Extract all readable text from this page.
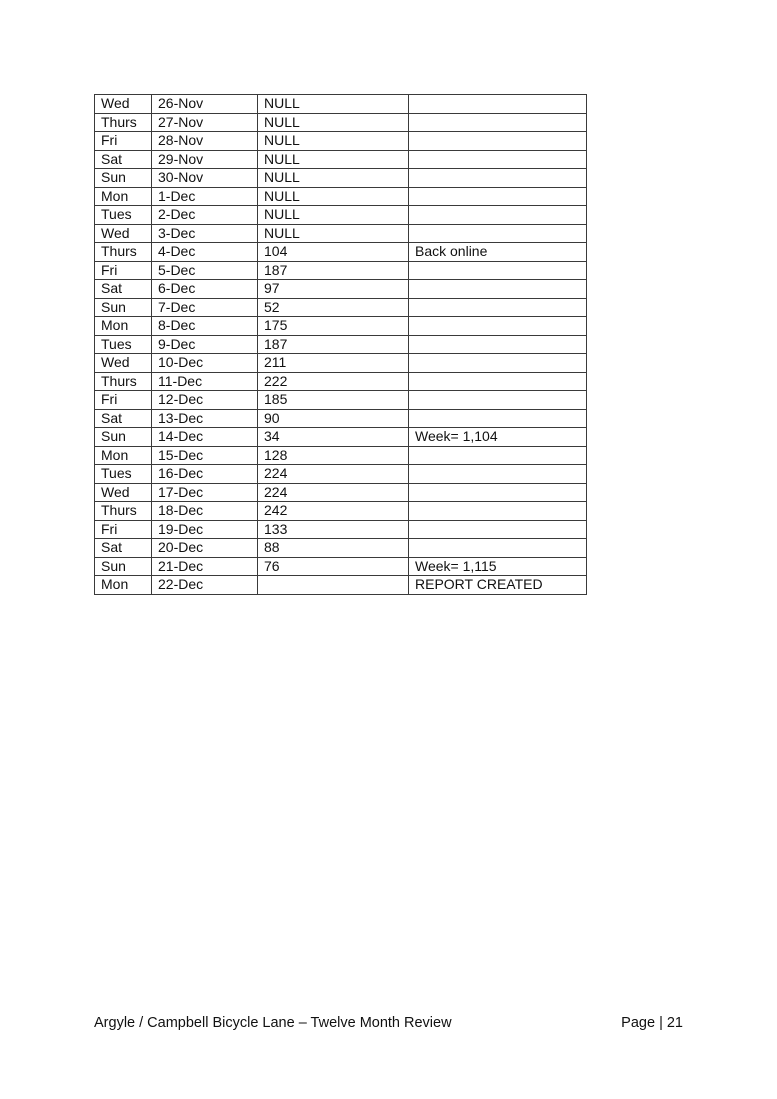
Wed	26-Nov	NULL	
Thurs	27-Nov	NULL	
Fri	28-Nov	NULL	
Sat	29-Nov	NULL	
Sun	30-Nov	NULL	
Mon	1-Dec	NULL	
Tues	2-Dec	NULL	
Wed	3-Dec	NULL	
Thurs	4-Dec	104	Back online
Fri	5-Dec	187	
Sat	6-Dec	97	
Sun	7-Dec	52	
Mon	8-Dec	175	
Tues	9-Dec	187	
Wed	10-Dec	211	
Thurs	11-Dec	222	
Fri	12-Dec	185	
Sat	13-Dec	90	
Sun	14-Dec	34	Week= 1,104
Mon	15-Dec	128	
Tues	16-Dec	224	
Wed	17-Dec	224	
Thurs	18-Dec	242	
Fri	19-Dec	133	
Sat	20-Dec	88	
Sun	21-Dec	76	Week= 1,115
Mon	22-Dec		REPORT CREATED
Argyle / Campbell Bicycle Lane – Twelve Month Review	Page | 21
